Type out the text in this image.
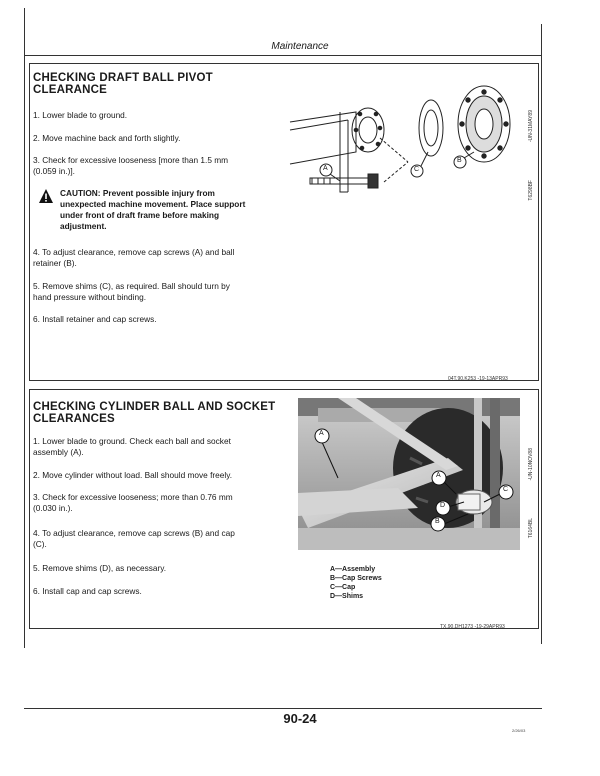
Maintenance
CHECKING DRAFT BALL PIVOT
CLEARANCE
1. Lower blade to ground.
2. Move machine back and forth slightly.
3. Check for excessive looseness [more than 1.5 mm
(0.059 in.)].
CAUTION: Prevent possible injury from
unexpected machine movement. Place support
under front of draft frame before making
adjustment.
4. To adjust clearance, remove cap screws (A) and ball
retainer (B).
5. Remove shims (C), as required. Ball should turn by
hand pressure without binding.
6. Install retainer and cap screws.
A	C
B
-UN-31MAY89
T6298BF
04T,90,K253 -19-13APR93
CHECKING CYLINDER BALL AND SOCKET
CLEARANCES
1. Lower blade to ground. Check each ball and socket
assembly (A).
2. Move cylinder without load. Ball should move freely.
3. Check for excessive looseness; more than 0.76 mm
(0.030 in.).
4. To adjust clearance, remove cap screws (B) and cap
(C).
5. Remove shims (D), as necessary.
6. Install cap and cap screws.
A
A
D
B
C
-UN-10NOV88
T6164BL
A—Assembly
B—Cap Screws
C—Cap
D—Shims
TX,90,DH1273 -19-29APR93
90-24
2/26/03
